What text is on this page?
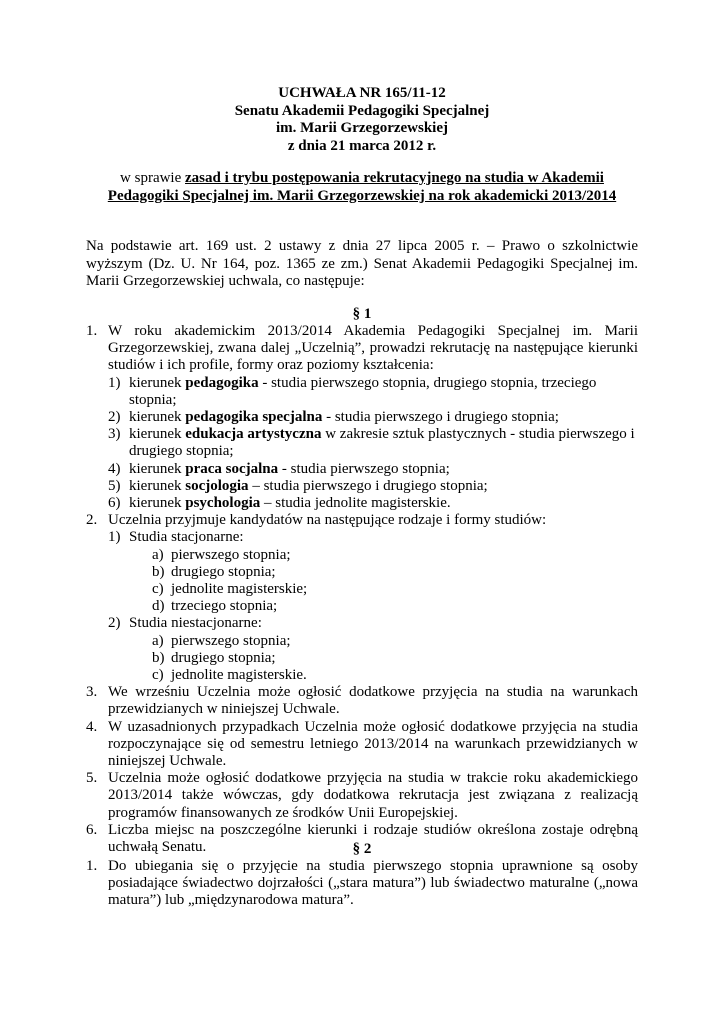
UCHWAŁA NR 165/11-12
Senatu Akademii Pedagogiki Specjalnej
im. Marii Grzegorzewskiej
z dnia 21 marca 2012 r.
w sprawie zasad i trybu postępowania rekrutacyjnego na studia w Akademii Pedagogiki Specjalnej im. Marii Grzegorzewskiej na rok akademicki 2013/2014
Na podstawie art. 169 ust. 2 ustawy z dnia 27 lipca 2005 r. – Prawo o szkolnictwie wyższym (Dz. U. Nr 164, poz. 1365 ze zm.) Senat Akademii Pedagogiki Specjalnej im. Marii Grzegorzewskiej uchwala, co następuje:
§ 1
1. W roku akademickim 2013/2014 Akademia Pedagogiki Specjalnej im. Marii Grzegorzewskiej, zwana dalej „Uczelnią”, prowadzi rekrutację na następujące kierunki studiów i ich profile, formy oraz poziomy kształcenia:
1) kierunek pedagogika - studia pierwszego stopnia, drugiego stopnia, trzeciego stopnia;
2) kierunek pedagogika specjalna - studia pierwszego i drugiego stopnia;
3) kierunek edukacja artystyczna w zakresie sztuk plastycznych - studia pierwszego i drugiego stopnia;
4) kierunek praca socjalna - studia pierwszego stopnia;
5) kierunek socjologia – studia pierwszego i drugiego stopnia;
6) kierunek psychologia – studia jednolite magisterskie.
2. Uczelnia przyjmuje kandydatów na następujące rodzaje i formy studiów:
1) Studia stacjonarne:
a) pierwszego stopnia;
b) drugiego stopnia;
c) jednolite magisterskie;
d) trzeciego stopnia;
2) Studia niestacjonarne:
a) pierwszego stopnia;
b) drugiego stopnia;
c) jednolite magisterskie.
3. We wrześniu Uczelnia może ogłosić dodatkowe przyjęcia na studia na warunkach przewidzianych w niniejszej Uchwale.
4. W uzasadnionych przypadkach Uczelnia może ogłosić dodatkowe przyjęcia na studia rozpoczynające się od semestru letniego 2013/2014 na warunkach przewidzianych w niniejszej Uchwale.
5. Uczelnia może ogłosić dodatkowe przyjęcia na studia w trakcie roku akademickiego 2013/2014 także wówczas, gdy dodatkowa rekrutacja jest związana z realizacją programów finansowanych ze środków Unii Europejskiej.
6. Liczba miejsc na poszczególne kierunki i rodzaje studiów określona zostaje odrębną uchwałą Senatu.	§ 2
1. Do ubiegania się o przyjęcie na studia pierwszego stopnia uprawnione są osoby posiadające świadectwo dojrzałości („stara matura”) lub świadectwo maturalne („nowa matura”) lub „międzynarodowa matura”.
